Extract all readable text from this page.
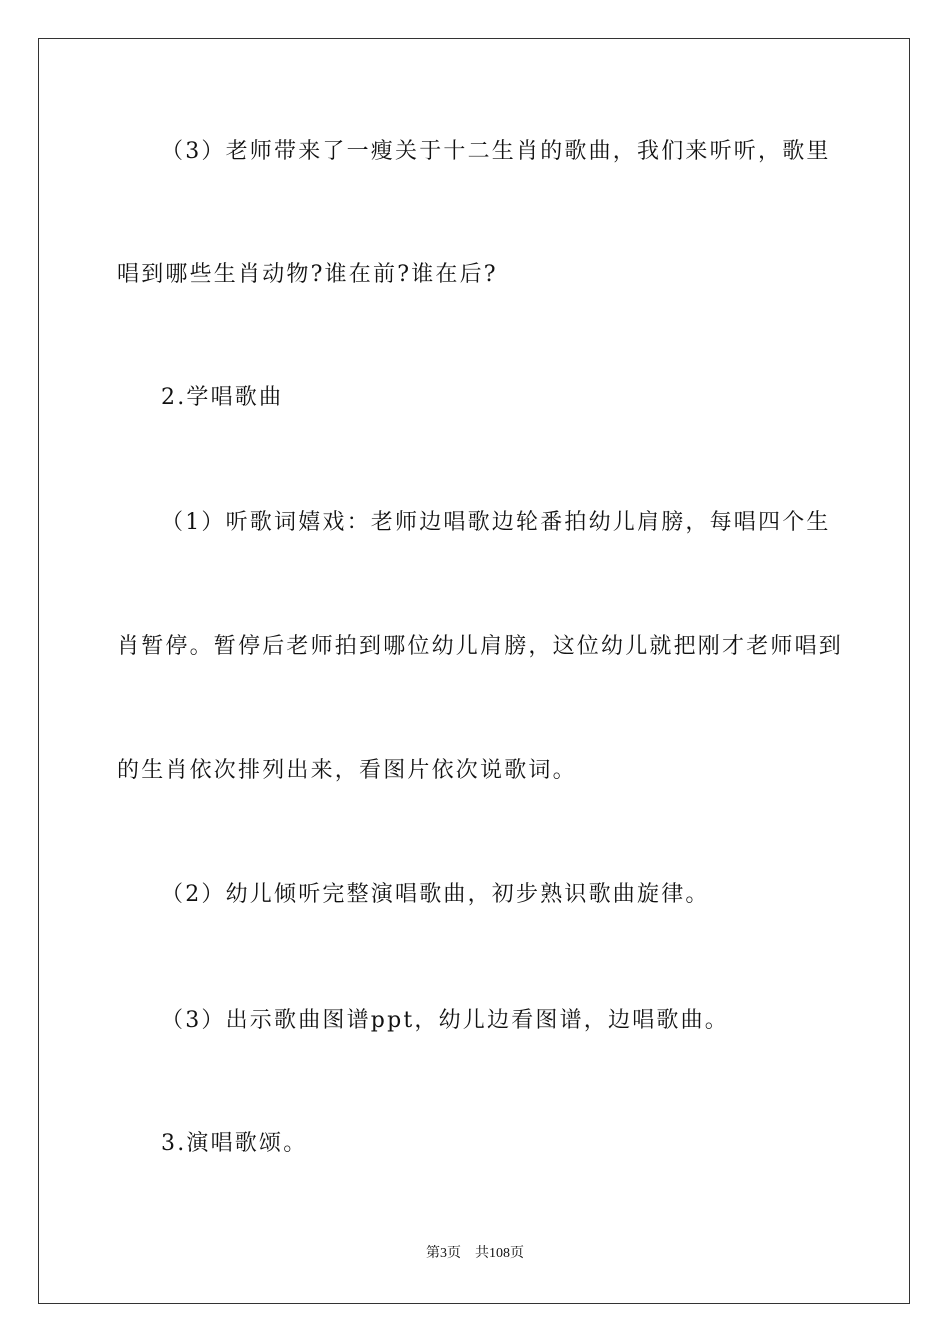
（3）老师带来了一瘦关于十二生肖的歌曲，我们来听听，歌里
唱到哪些生肖动物?谁在前?谁在后?
2.学唱歌曲
（1）听歌词嬉戏：老师边唱歌边轮番拍幼儿肩膀，每唱四个生
肖暂停。暂停后老师拍到哪位幼儿肩膀，这位幼儿就把刚才老师唱到
的生肖依次排列出来，看图片依次说歌词。
（2）幼儿倾听完整演唱歌曲，初步熟识歌曲旋律。
（3）出示歌曲图谱ppt，幼儿边看图谱，边唱歌曲。
3.演唱歌颂。
第3页 共108页
